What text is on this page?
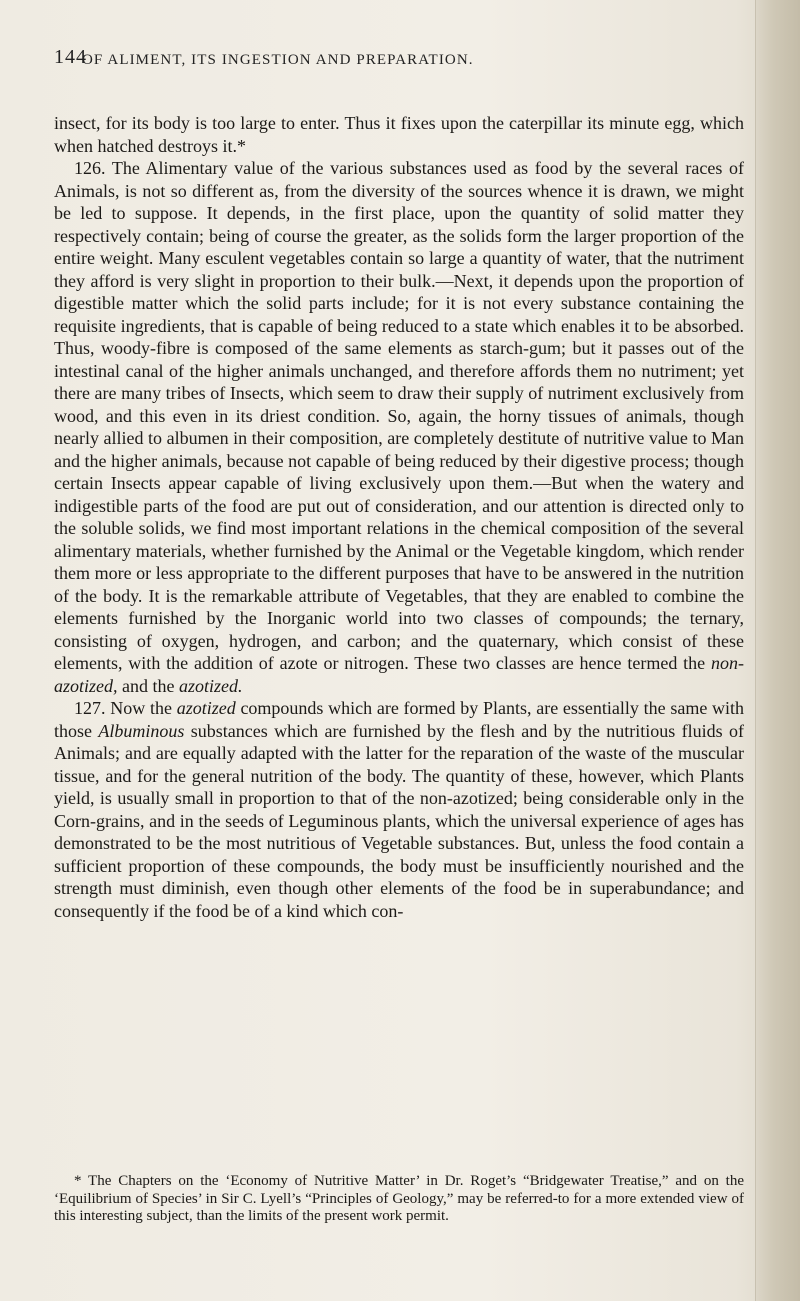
144
OF ALIMENT, ITS INGESTION AND PREPARATION.

insect, for its body is too large to enter. Thus it fixes upon the caterpillar its minute egg, which when hatched destroys it.*

126. The Alimentary value of the various substances used as food by the several races of Animals, is not so different as, from the diversity of the sources whence it is drawn, we might be led to suppose. It depends, in the first place, upon the quantity of solid matter they respectively contain; being of course the greater, as the solids form the larger proportion of the entire weight. Many esculent vegetables contain so large a quantity of water, that the nutriment they afford is very slight in proportion to their bulk.—Next, it depends upon the proportion of digestible matter which the solid parts include; for it is not every substance containing the requisite ingredients, that is capable of being reduced to a state which enables it to be absorbed. Thus, woody-fibre is composed of the same elements as starch-gum; but it passes out of the intestinal canal of the higher animals unchanged, and therefore affords them no nutriment; yet there are many tribes of Insects, which seem to draw their supply of nutriment exclusively from wood, and this even in its driest condition. So, again, the horny tissues of animals, though nearly allied to albumen in their composition, are completely destitute of nutritive value to Man and the higher animals, because not capable of being reduced by their digestive process; though certain Insects appear capable of living exclusively upon them.—But when the watery and indigestible parts of the food are put out of consideration, and our attention is directed only to the soluble solids, we find most important relations in the chemical composition of the several alimentary materials, whether furnished by the Animal or the Vegetable kingdom, which render them more or less appropriate to the different purposes that have to be answered in the nutrition of the body. It is the remarkable attribute of Vegetables, that they are enabled to combine the elements furnished by the Inorganic world into two classes of compounds; the ternary, consisting of oxygen, hydrogen, and carbon; and the quaternary, which consist of these elements, with the addition of azote or nitrogen. These two classes are hence termed the non-azotized, and the azotized.

127. Now the azotized compounds which are formed by Plants, are essentially the same with those Albuminous substances which are furnished by the flesh and by the nutritious fluids of Animals; and are equally adapted with the latter for the reparation of the waste of the muscular tissue, and for the general nutrition of the body. The quantity of these, however, which Plants yield, is usually small in proportion to that of the non-azotized; being considerable only in the Corn-grains, and in the seeds of Leguminous plants, which the universal experience of ages has demonstrated to be the most nutritious of Vegetable substances. But, unless the food contain a sufficient proportion of these compounds, the body must be insufficiently nourished and the strength must diminish, even though other elements of the food be in superabundance; and consequently if the food be of a kind which con-

* The Chapters on the ‘Economy of Nutritive Matter’ in Dr. Roget’s “Bridgewater Treatise,” and on the ‘Equilibrium of Species’ in Sir C. Lyell’s “Principles of Geology,” may be referred-to for a more extended view of this interesting subject, than the limits of the present work permit.
